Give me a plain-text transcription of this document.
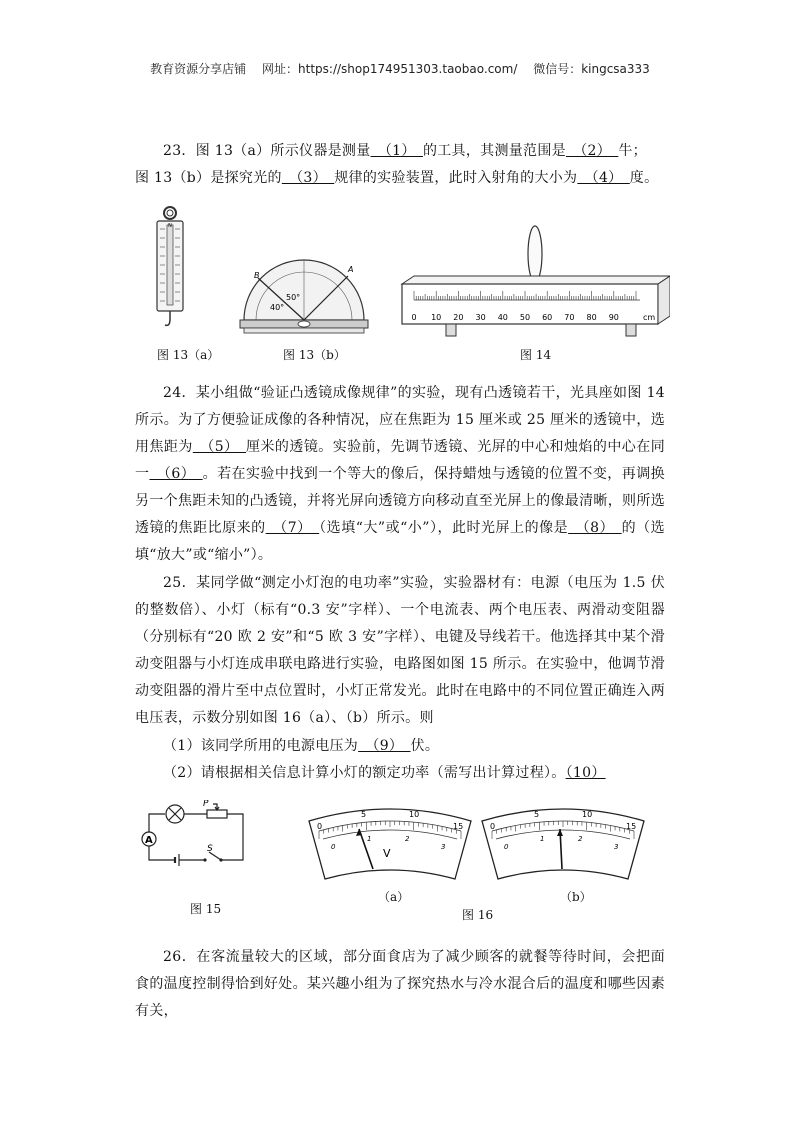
教育资源分享店铺 网址：https://shop174951303.taobao.com/ 微信号：kingcsa333
23．图 13（a）所示仪器是测量　（1）　的工具，其测量范围是　（2）　牛；
图 13（b）是探究光的　（3）　规律的实验装置，此时入射角的大小为　（4）　度。
N
图 13（a）
50°
40°
B
A
图 13（b）
0 10 20 30 40 50 60 70 80 90	cm
图 14
24．某小组做“验证凸透镜成像规律”的实验，现有凸透镜若干，光具座如图 14 所示。为了方便验证成像的各种情况，应在焦距为 15 厘米或 25 厘米的透镜中，选用焦距为　（5）　厘米的透镜。实验前，先调节透镜、光屏的中心和烛焰的中心在同一　（6）　。若在实验中找到一个等大的像后，保持蜡烛与透镜的位置不变，再调换另一个焦距未知的凸透镜，并将光屏向透镜方向移动直至光屏上的像最清晰，则所选透镜的焦距比原来的　（7）　（选填“大”或“小”），此时光屏上的像是　（8）　的（选填“放大”或“缩小”）。
25．某同学做“测定小灯泡的电功率”实验，实验器材有：电源（电压为 1.5 伏的整数倍）、小灯（标有“0.3 安”字样）、一个电流表、两个电压表、两滑动变阻器（分别标有“20 欧 2 安”和“5 欧 3 安”字样）、电键及导线若干。他选择其中某个滑动变阻器与小灯连成串联电路进行实验，电路图如图 15 所示。在实验中，他调节滑动变阻器的滑片至中点位置时，小灯正常发光。此时在电路中的不同位置正确连入两电压表，示数分别如图 16（a）、（b）所示。则
（1）该同学所用的电源电压为　（9）　伏。
（2）请根据相关信息计算小灯的额定功率（需写出计算过程）。（10）
A
P
S
图 15
0
5	10
15
0
1	2
3
V
（a）
0
5	10
15
0
1	2
3
（b）
图 16
26．在客流量较大的区域，部分面食店为了减少顾客的就餐等待时间，会把面食的温度控制得恰到好处。某兴趣小组为了探究热水与冷水混合后的温度和哪些因素有关，
